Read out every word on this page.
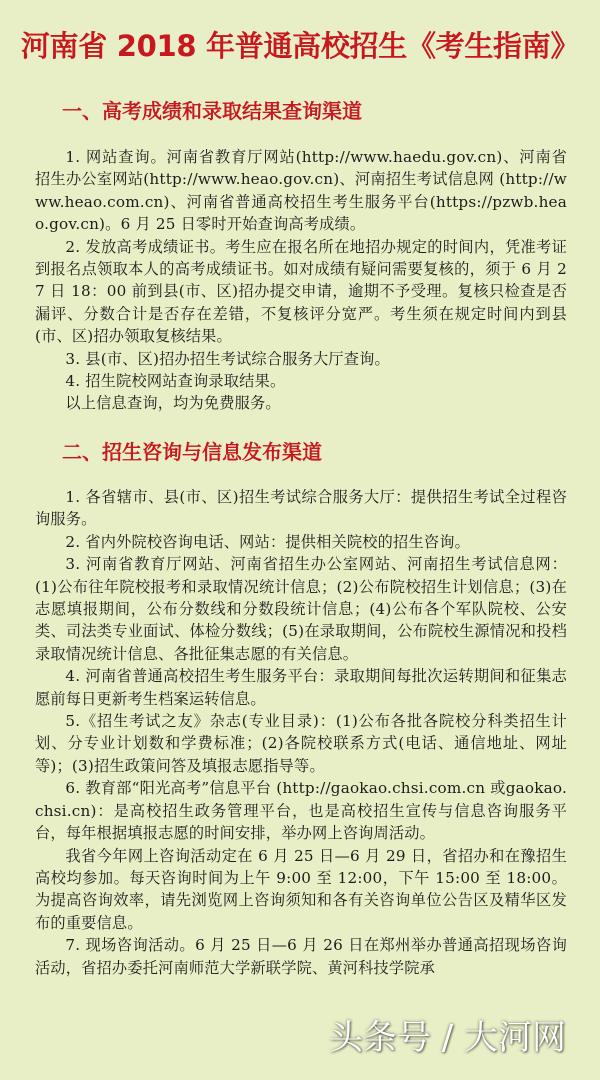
河南省 2018 年普通高校招生《考生指南》
一、高考成绩和录取结果查询渠道

1. 网站查询。河南省教育厅网站(http://www.haedu.gov.cn)、河南省招生办公室网站(http://www.heao.gov.cn)、河南招生考试信息网 (http://www.heao.com.cn)、河南省普通高校招生考生服务平台(https://pzwb.heao.gov.cn)。6 月 25 日零时开始查询高考成绩。

2. 发放高考成绩证书。考生应在报名所在地招办规定的时间内，凭准考证到报名点领取本人的高考成绩证书。如对成绩有疑问需要复核的，须于 6 月 27 日 18：00 前到县(市、区)招办提交申请，逾期不予受理。复核只检查是否漏评、分数合计是否存在差错，不复核评分宽严。考生须在规定时间内到县(市、区)招办领取复核结果。

3. 县(市、区)招办招生考试综合服务大厅查询。

4. 招生院校网站查询录取结果。

以上信息查询，均为免费服务。

二、招生咨询与信息发布渠道

1. 各省辖市、县(市、区)招生考试综合服务大厅：提供招生考试全过程咨询服务。

2. 省内外院校咨询电话、网站：提供相关院校的招生咨询。

3. 河南省教育厅网站、河南省招生办公室网站、河南招生考试信息网：(1)公布往年院校报考和录取情况统计信息；(2)公布院校招生计划信息；(3)在志愿填报期间，公布分数线和分数段统计信息；(4)公布各个军队院校、公安类、司法类专业面试、体检分数线；(5)在录取期间，公布院校生源情况和投档录取情况统计信息、各批征集志愿的有关信息。

4. 河南省普通高校招生考生服务平台：录取期间每批次运转期间和征集志愿前每日更新考生档案运转信息。

5.《招生考试之友》杂志(专业目录)：(1)公布各批各院校分科类招生计划、分专业计划数和学费标准；(2)各院校联系方式(电话、通信地址、网址等)；(3)招生政策问答及填报志愿指导等。

6. 教育部“阳光高考”信息平台 (http://gaokao.chsi.com.cn 或gaokao.chsi.cn)：是高校招生政务管理平台，也是高校招生宣传与信息咨询服务平台，每年根据填报志愿的时间安排，举办网上咨询周活动。

我省今年网上咨询活动定在 6 月 25 日—6 月 29 日，省招办和在豫招生高校均参加。每天咨询时间为上午 9:00 至 12:00，下午 15:00 至 18:00。为提高咨询效率，请先浏览网上咨询须知和各有关咨询单位公告区及精华区发布的重要信息。

7. 现场咨询活动。6 月 25 日—6 月 26 日在郑州举办普通高招现场咨询活动，省招办委托河南师范大学新联学院、黄河科技学院承

头条号 / 大河网
